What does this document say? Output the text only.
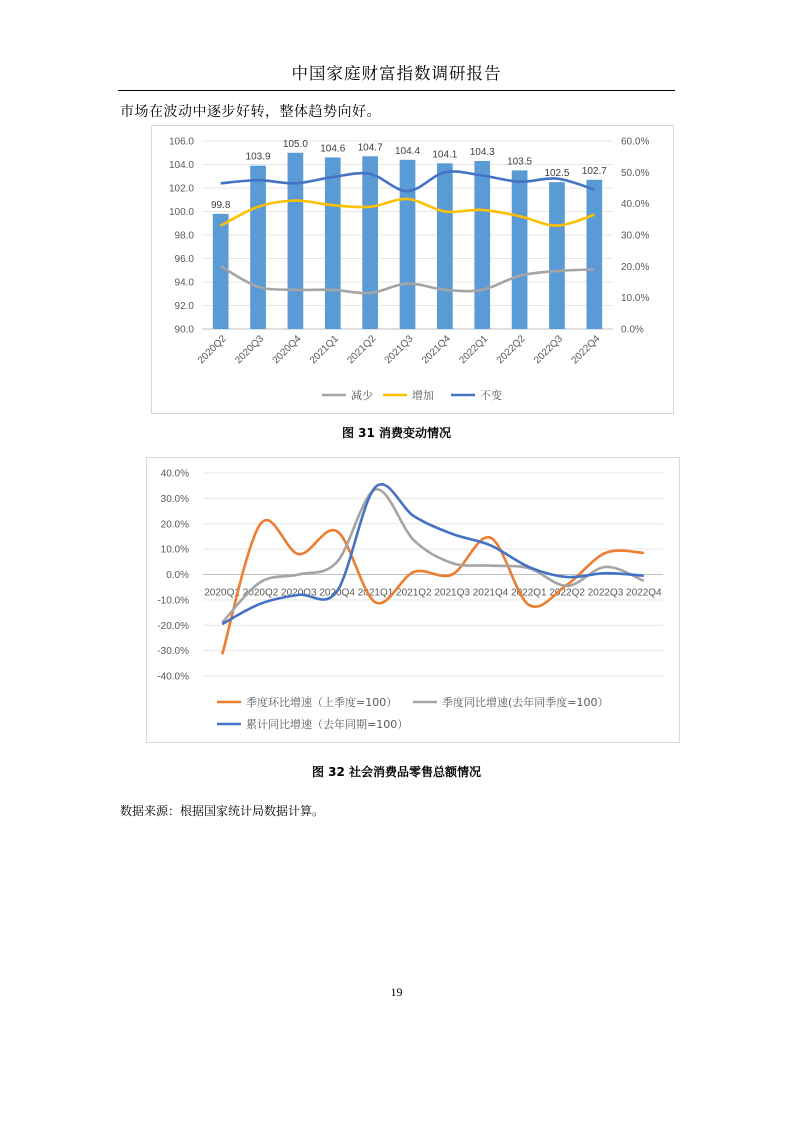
中国家庭财富指数调研报告
市场在波动中逐步好转，整体趋势向好。
90.0
92.0
94.0
96.0
98.0
100.0
102.0
104.0
106.0
0.0%
10.0%
20.0%
30.0%
40.0%
50.0%
60.0%
99.8
103.9
105.0 104.6 104.7 104.4 104.1 104.3
103.5
102.5 102.7
2020Q2 2020Q3 2020Q4 2021Q1 2021Q2 2021Q3 2021Q4 2022Q1 2022Q2 2022Q3 2022Q4
减少	增加	不变
图 31 消费变动情况
40.0%
30.0%
20.0%
10.0%
0.0%
-10.0%
-20.0%
-30.0%
-40.0%
2020Q1 2020Q2 2020Q3 2020Q4 2021Q1 2021Q2 2021Q3 2021Q4 2022Q1 2022Q2 2022Q3 2022Q4
季度环比增速（上季度=100）	季度同比增速(去年同季度=100）
累计同比增速（去年同期=100）
图 32 社会消费品零售总额情况
数据来源：根据国家统计局数据计算。
19
